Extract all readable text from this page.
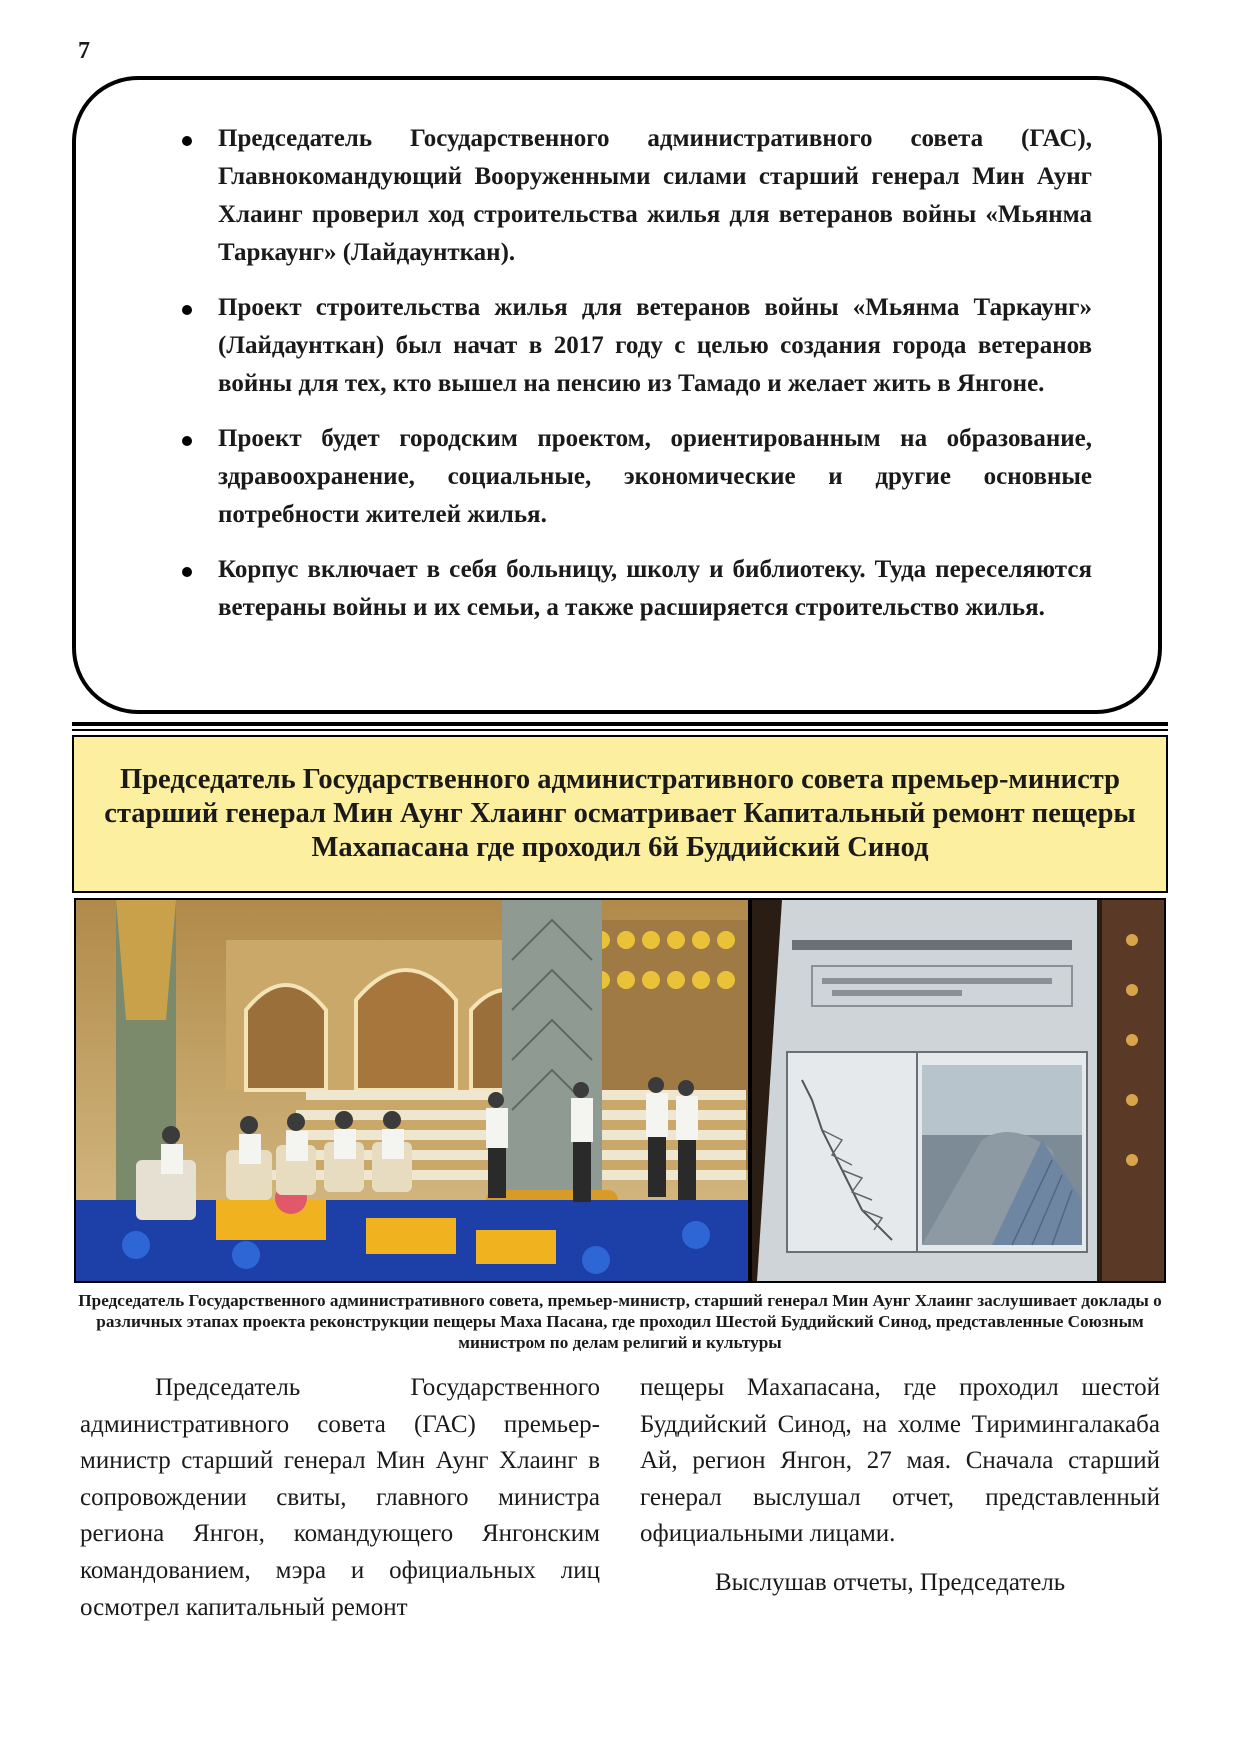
7
Председатель Государственного административного совета (ГАС), Главнокомандующий Вооруженными силами старший генерал Мин Аунг Хлаинг проверил ход строительства жилья для ветеранов войны «Мьянма Таркаунг» (Лайдаунткан).
Проект строительства жилья для ветеранов войны «Мьянма Таркаунг» (Лайдаунткан) был начат в 2017 году с целью создания города ветеранов войны для тех, кто вышел на пенсию из Тамадо и желает жить в Янгоне.
Проект будет городским проектом, ориентированным на образование, здравоохранение, социальные, экономические и другие основные потребности жителей жилья.
Корпус включает в себя больницу, школу и библиотеку. Туда переселяются ветераны войны и их семьи, а также расширяется строительство жилья.
Председатель Государственного административного совета премьер-министр старший генерал Мин Аунг Хлаинг осматривает Капитальный ремонт пещеры Махапасана где проходил 6й Буддийский Синод
Председатель Государственного административного совета, премьер-министр, старший генерал Мин Аунг Хлаинг заслушивает доклады о различных этапах проекта реконструкции пещеры Маха Пасана, где проходил Шестой Буддийский Синод, представленные Союзным министром по делам религий и культуры

Председатель Государственного административного совета (ГАС) премьер-министр старший генерал Мин Аунг Хлаинг в сопровождении свиты, главного министра региона Янгон, командующего Янгонским командованием, мэра и официальных лиц осмотрел капитальный ремонт

пещеры Махапасана, где проходил шестой Буддийский Синод, на холме Тиримингалакаба Ай, регион Янгон, 27 мая. Сначала старший генерал выслушал отчет, представленный официальными лицами.

Выслушав отчеты, Председатель
